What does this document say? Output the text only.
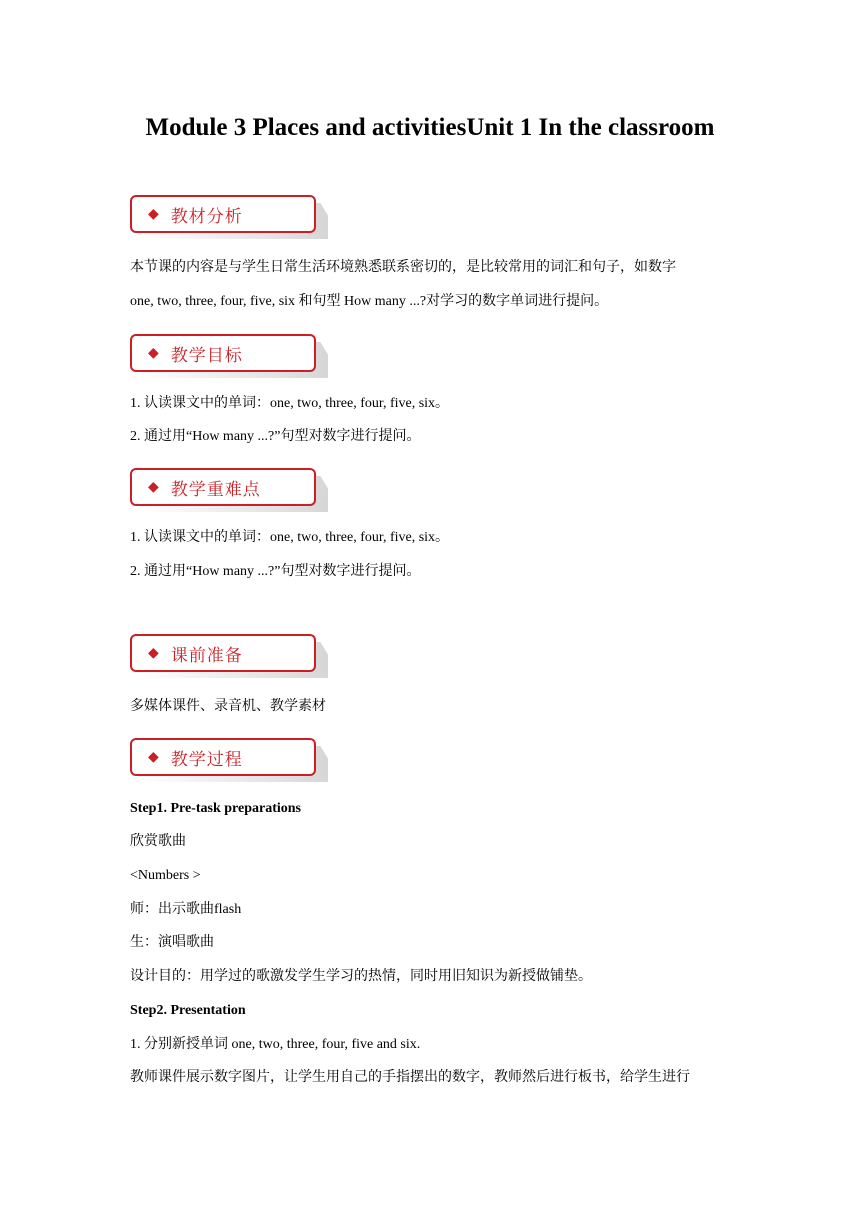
Module 3 Places and activitiesUnit 1 In the classroom
◆ 教材分析
本节课的内容是与学生日常生活环境熟悉联系密切的，是比较常用的词汇和句子，如数字
one, two, three, four, five, six 和句型 How many ...?对学习的数字单词进行提问。
◆ 教学目标
1. 认读课文中的单词：one, two, three, four, five, six。
2. 通过用“How many ...?”句型对数字进行提问。
◆ 教学重难点
1. 认读课文中的单词：one, two, three, four, five, six。
2. 通过用“How many ...?”句型对数字进行提问。
◆ 课前准备
多媒体课件、录音机、教学素材
◆ 教学过程
Step1. Pre-task preparations
欣赏歌曲
<Numbers >
师：出示歌曲flash
生：演唱歌曲
设计目的：用学过的歌激发学生学习的热情，同时用旧知识为新授做铺垫。
Step2. Presentation
1. 分别新授单词 one, two, three, four, five and six.
教师课件展示数字图片，让学生用自己的手指摆出的数字，教师然后进行板书，给学生进行
